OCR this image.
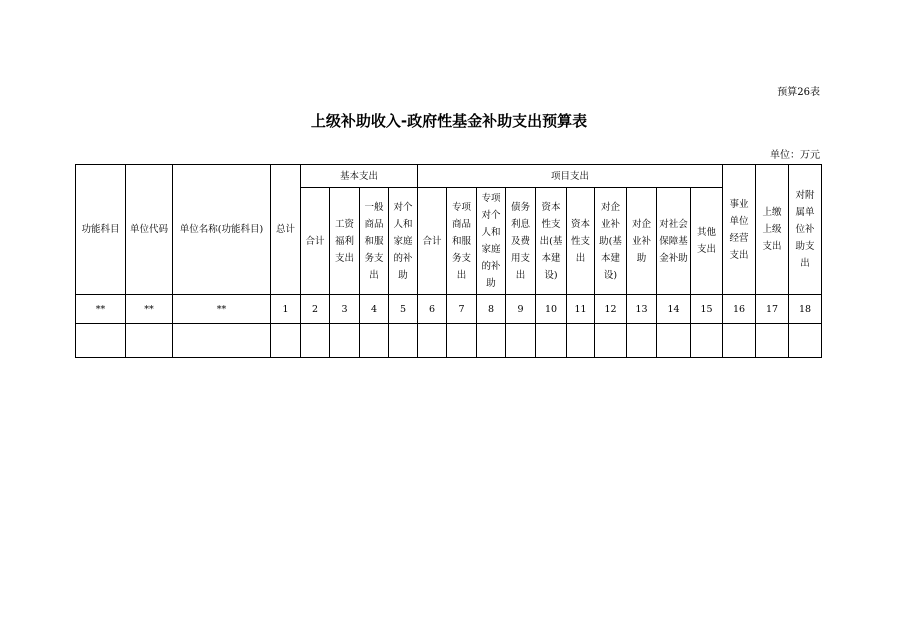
预算26表
上级补助收入-政府性基金补助支出预算表
单位：万元
功能科目	单位代码	单位名称(功能科目)	总计	基本支出				项目支出										事业单位经营支出	上缴上级支出	对附属单位补助支出
				合计	工资福利支出	一般商品和服务支出	对个人和家庭的补助	合计	专项商品和服务支出	专项对个人和家庭的补助	债务利息及费用支出	资本性支出(基本建设)	资本性支出	对企业补助(基本建设)	对企业补助	对社会保障基金补助	其他支出			
**	**	**	1	2	3	4	5	6	7	8	9	10	11	12	13	14	15	16	17	18
